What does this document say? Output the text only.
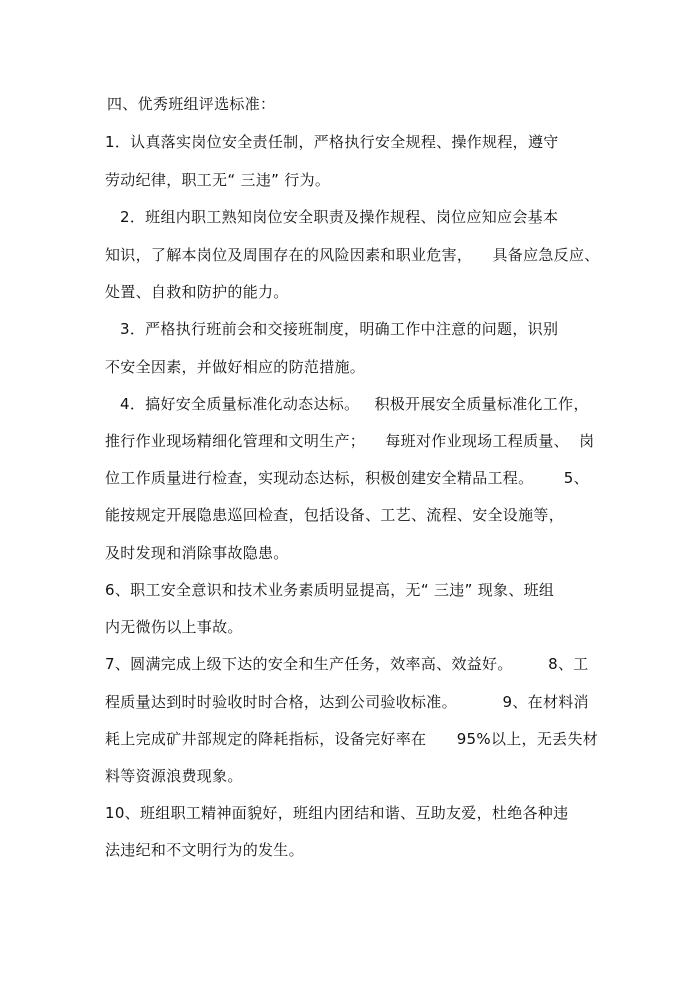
四、优秀班组评选标准：
1．认真落实岗位安全责任制，严格执行安全规程、操作规程，遵守
劳动纪律，职工无“ 三违” 行为。
2．班组内职工熟知岗位安全职责及操作规程、岗位应知应会基本
知识，了解本岗位及周围存在的风险因素和职业危害，    具备应急反应、
处置、自救和防护的能力。
3．严格执行班前会和交接班制度，明确工作中注意的问题，识别
不安全因素，并做好相应的防范措施。
4．搞好安全质量标准化动态达标。   积极开展安全质量标准化工作，
推行作业现场精细化管理和文明生产；    每班对作业现场工程质量、  岗
位工作质量进行检查，实现动态达标，积极创建安全精品工程。      5、
能按规定开展隐患巡回检查，包括设备、工艺、流程、安全设施等，
及时发现和消除事故隐患。
6、职工安全意识和技术业务素质明显提高，无“ 三违” 现象、班组
内无微伤以上事故。
7、圆满完成上级下达的安全和生产任务，效率高、效益好。       8、工
程质量达到时时验收时时合格，达到公司验收标准。         9、在材料消
耗上完成矿井部规定的降耗指标，设备完好率在      95%以上，无丢失材
料等资源浪费现象。
10、班组职工精神面貌好，班组内团结和谐、互助友爱，杜绝各种违
法违纪和不文明行为的发生。
